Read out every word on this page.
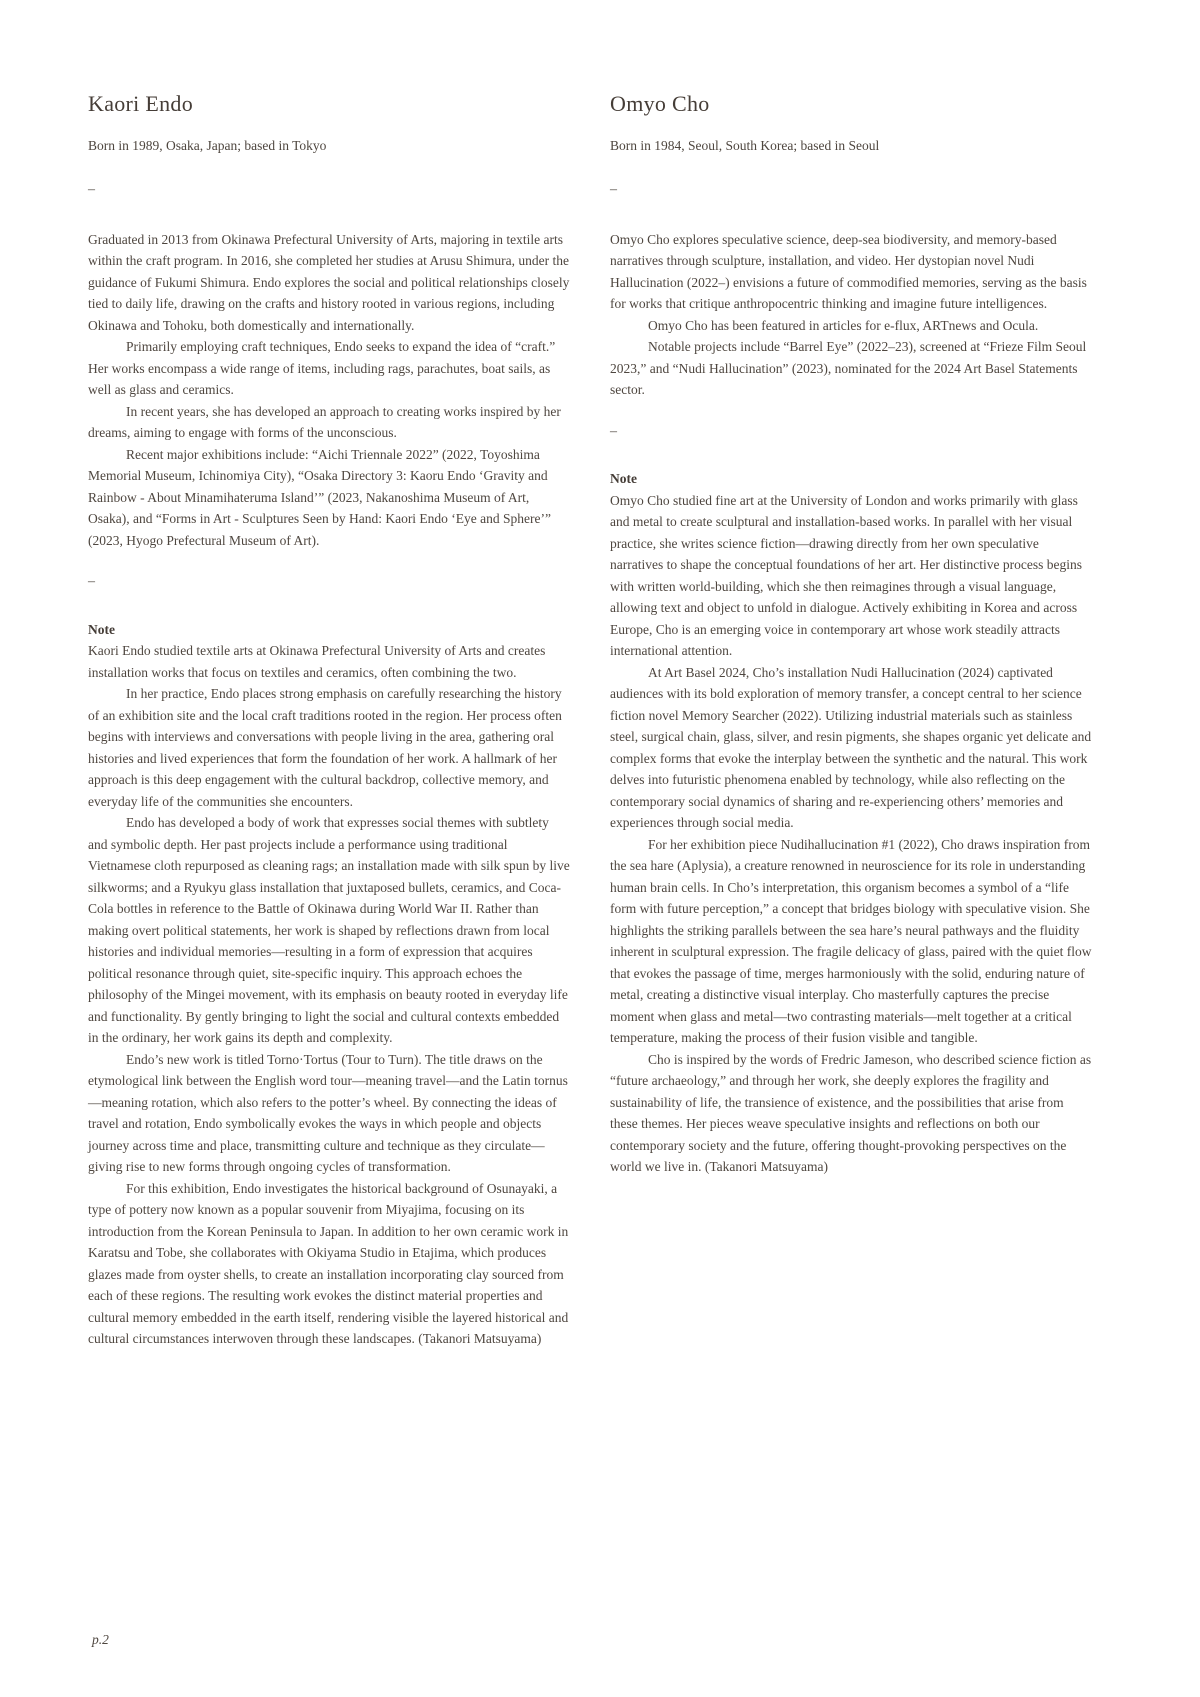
Kaori Endo

Born in 1989, Osaka, Japan; based in Tokyo

–

Graduated in 2013 from Okinawa Prefectural University of Arts, majoring in textile arts within the craft program. In 2016, she completed her studies at Arusu Shimura, under the guidance of Fukumi Shimura. Endo explores the social and political relationships closely tied to daily life, drawing on the crafts and history rooted in various regions, including Okinawa and Tohoku, both domestically and internationally.

Primarily employing craft techniques, Endo seeks to expand the idea of “craft.” Her works encompass a wide range of items, including rags, parachutes, boat sails, as well as glass and ceramics.

In recent years, she has developed an approach to creating works inspired by her dreams, aiming to engage with forms of the unconscious.

Recent major exhibitions include: “Aichi Triennale 2022” (2022, Toyoshima Memorial Museum, Ichinomiya City), “Osaka Directory 3: Kaoru Endo ‘Gravity and Rainbow - About Minamihateruma Island’” (2023, Nakanoshima Museum of Art, Osaka), and “Forms in Art - Sculptures Seen by Hand: Kaori Endo ‘Eye and Sphere’” (2023, Hyogo Prefectural Museum of Art).

–
Note

Kaori Endo studied textile arts at Okinawa Prefectural University of Arts and creates installation works that focus on textiles and ceramics, often combining the two.

In her practice, Endo places strong emphasis on carefully researching the history of an exhibition site and the local craft traditions rooted in the region. Her process often begins with interviews and conversations with people living in the area, gathering oral histories and lived experiences that form the foundation of her work. A hallmark of her approach is this deep engagement with the cultural backdrop, collective memory, and everyday life of the communities she encounters.

Endo has developed a body of work that expresses social themes with subtlety and symbolic depth. Her past projects include a performance using traditional Vietnamese cloth repurposed as cleaning rags; an installation made with silk spun by live silkworms; and a Ryukyu glass installation that juxtaposed bullets, ceramics, and Coca-Cola bottles in reference to the Battle of Okinawa during World War II. Rather than making overt political statements, her work is shaped by reflections drawn from local histories and individual memories—resulting in a form of expression that acquires political resonance through quiet, site-specific inquiry. This approach echoes the philosophy of the Mingei movement, with its emphasis on beauty rooted in everyday life and functionality. By gently bringing to light the social and cultural contexts embedded in the ordinary, her work gains its depth and complexity.

Endo’s new work is titled Torno·Tortus (Tour to Turn). The title draws on the etymological link between the English word tour—meaning travel—and the Latin tornus—meaning rotation, which also refers to the potter’s wheel. By connecting the ideas of travel and rotation, Endo symbolically evokes the ways in which people and objects journey across time and place, transmitting culture and technique as they circulate—giving rise to new forms through ongoing cycles of transformation.

For this exhibition, Endo investigates the historical background of Osunayaki, a type of pottery now known as a popular souvenir from Miyajima, focusing on its introduction from the Korean Peninsula to Japan. In addition to her own ceramic work in Karatsu and Tobe, she collaborates with Okiyama Studio in Etajima, which produces glazes made from oyster shells, to create an installation incorporating clay sourced from each of these regions. The resulting work evokes the distinct material properties and cultural memory embedded in the earth itself, rendering visible the layered historical and cultural circumstances interwoven through these landscapes. (Takanori Matsuyama)

Omyo Cho

Born in 1984, Seoul, South Korea; based in Seoul

–

Omyo Cho explores speculative science, deep-sea biodiversity, and memory-based narratives through sculpture, installation, and video. Her dystopian novel Nudi Hallucination (2022–) envisions a future of commodified memories, serving as the basis for works that critique anthropocentric thinking and imagine future intelligences.

Omyo Cho has been featured in articles for e-flux, ARTnews and Ocula.

Notable projects include “Barrel Eye” (2022–23), screened at “Frieze Film Seoul 2023,” and “Nudi Hallucination” (2023), nominated for the 2024 Art Basel Statements sector.

–
Note

Omyo Cho studied fine art at the University of London and works primarily with glass and metal to create sculptural and installation-based works. In parallel with her visual practice, she writes science fiction—drawing directly from her own speculative narratives to shape the conceptual foundations of her art. Her distinctive process begins with written world-building, which she then reimagines through a visual language, allowing text and object to unfold in dialogue. Actively exhibiting in Korea and across Europe, Cho is an emerging voice in contemporary art whose work steadily attracts international attention.

At Art Basel 2024, Cho’s installation Nudi Hallucination (2024) captivated audiences with its bold exploration of memory transfer, a concept central to her science fiction novel Memory Searcher (2022). Utilizing industrial materials such as stainless steel, surgical chain, glass, silver, and resin pigments, she shapes organic yet delicate and complex forms that evoke the interplay between the synthetic and the natural. This work delves into futuristic phenomena enabled by technology, while also reflecting on the contemporary social dynamics of sharing and re-experiencing others’ memories and experiences through social media.

For her exhibition piece Nudihallucination #1 (2022), Cho draws inspiration from the sea hare (Aplysia), a creature renowned in neuroscience for its role in understanding human brain cells. In Cho’s interpretation, this organism becomes a symbol of a “life form with future perception,” a concept that bridges biology with speculative vision. She highlights the striking parallels between the sea hare’s neural pathways and the fluidity inherent in sculptural expression. The fragile delicacy of glass, paired with the quiet flow that evokes the passage of time, merges harmoniously with the solid, enduring nature of metal, creating a distinctive visual interplay. Cho masterfully captures the precise moment when glass and metal—two contrasting materials—melt together at a critical temperature, making the process of their fusion visible and tangible.

Cho is inspired by the words of Fredric Jameson, who described science fiction as “future archaeology,” and through her work, she deeply explores the fragility and sustainability of life, the transience of existence, and the possibilities that arise from these themes. Her pieces weave speculative insights and reflections on both our contemporary society and the future, offering thought-provoking perspectives on the world we live in. (Takanori Matsuyama)

p.2
